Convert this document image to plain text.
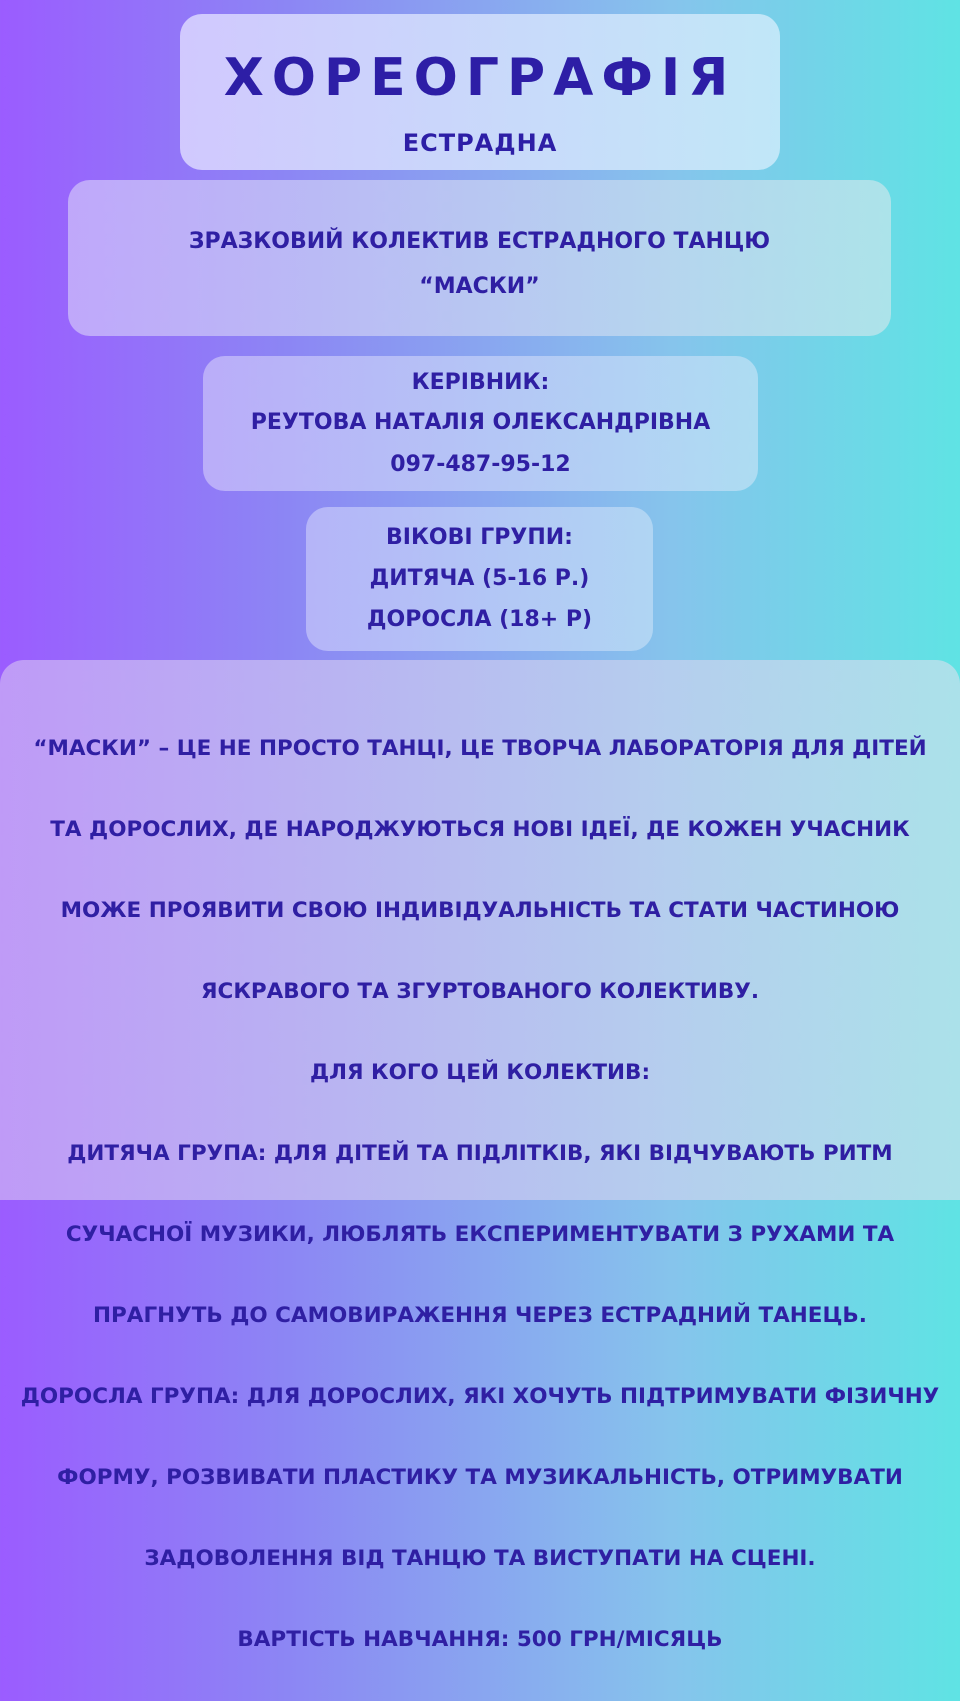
ХОРЕОГРАФІЯ
ЕСТРАДНА
ЗРАЗКОВИЙ КОЛЕКТИВ ЕСТРАДНОГО ТАНЦЮ
“МАСКИ”
КЕРІВНИК:
РЕУТОВА НАТАЛІЯ ОЛЕКСАНДРІВНА
097-487-95-12
ВІКОВІ ГРУПИ:
ДИТЯЧА (5-16 Р.)
ДОРОСЛА (18+ Р)

“МАСКИ” – ЦЕ НЕ ПРОСТО ТАНЦІ, ЦЕ ТВОРЧА ЛАБОРАТОРІЯ ДЛЯ ДІТЕЙ

ТА ДОРОСЛИХ, ДЕ НАРОДЖУЮТЬСЯ НОВІ ІДЕЇ, ДЕ КОЖЕН УЧАСНИК

МОЖЕ ПРОЯВИТИ СВОЮ ІНДИВІДУАЛЬНІСТЬ ТА СТАТИ ЧАСТИНОЮ

ЯСКРАВОГО ТА ЗГУРТОВАНОГО КОЛЕКТИВУ.

ДЛЯ КОГО ЦЕЙ КОЛЕКТИВ:

ДИТЯЧА ГРУПА: ДЛЯ ДІТЕЙ ТА ПІДЛІТКІВ, ЯКІ ВІДЧУВАЮТЬ РИТМ

СУЧАСНОЇ МУЗИКИ, ЛЮБЛЯТЬ ЕКСПЕРИМЕНТУВАТИ З РУХАМИ ТА

ПРАГНУТЬ ДО САМОВИРАЖЕННЯ ЧЕРЕЗ ЕСТРАДНИЙ ТАНЕЦЬ.

ДОРОСЛА ГРУПА: ДЛЯ ДОРОСЛИХ, ЯКІ ХОЧУТЬ ПІДТРИМУВАТИ ФІЗИЧНУ

ФОРМУ, РОЗВИВАТИ ПЛАСТИКУ ТА МУЗИКАЛЬНІСТЬ, ОТРИМУВАТИ

ЗАДОВОЛЕННЯ ВІД ТАНЦЮ ТА ВИСТУПАТИ НА СЦЕНІ.

ВАРТІСТЬ НАВЧАННЯ: 500 ГРН/МІСЯЦЬ
